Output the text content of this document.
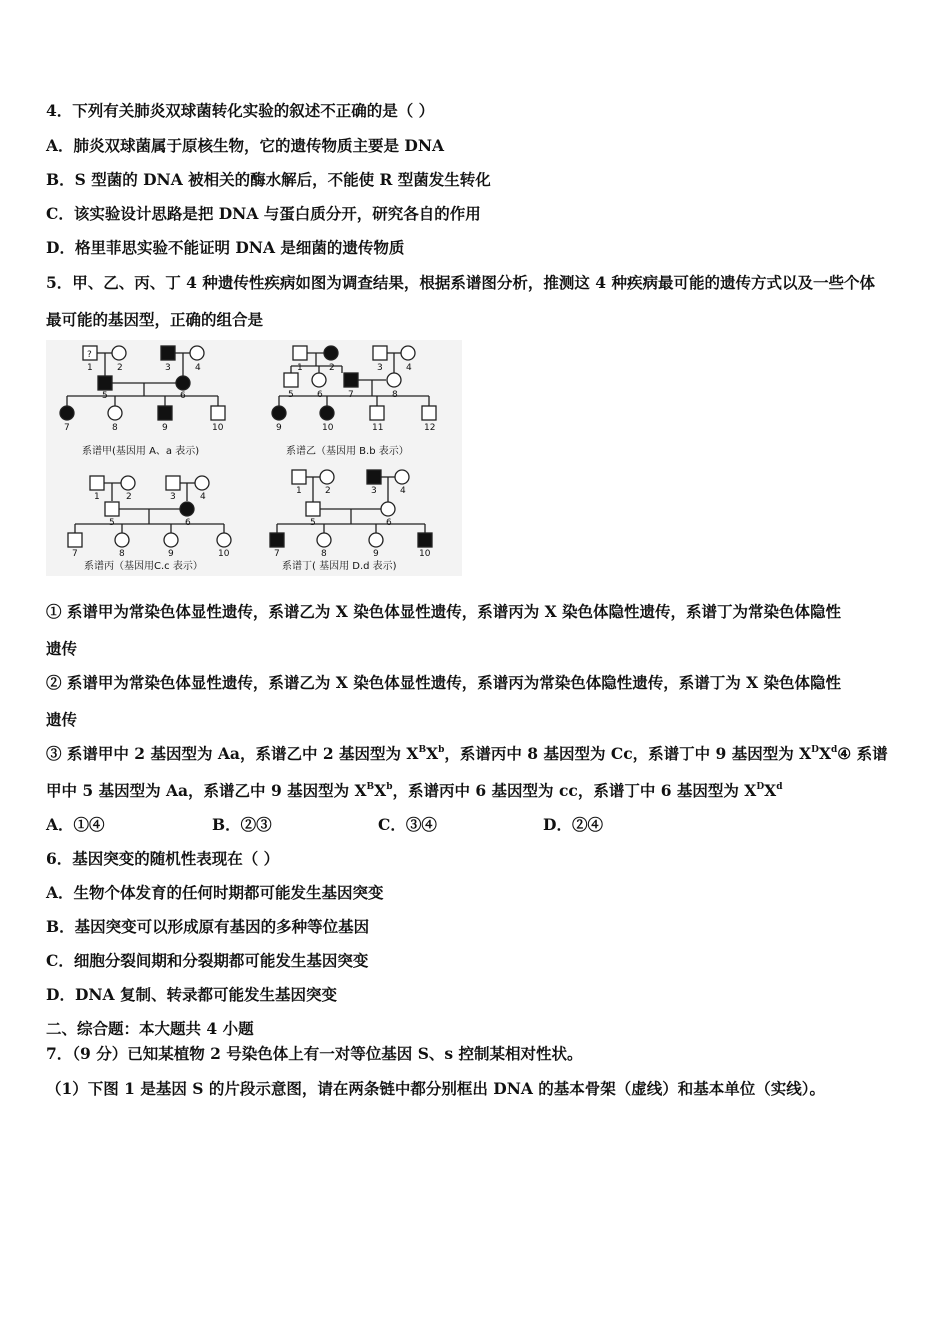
4．下列有关肺炎双球菌转化实验的叙述不正确的是（ ）
A．肺炎双球菌属于原核生物，它的遗传物质主要是 DNA
B．S 型菌的 DNA 被相关的酶水解后，不能使 R 型菌发生转化
C．该实验设计思路是把 DNA 与蛋白质分开，研究各自的作用
D．格里菲思实验不能证明 DNA 是细菌的遗传物质
5．甲、乙、丙、丁 4 种遗传性疾病如图为调查结果，根据系谱图分析，推测这 4 种疾病最可能的遗传方式以及一些个体
最可能的基因型，正确的组合是
?
1	2	3	4
5	6
7	8	9	10
1	2	3	4
5	6	7	8
9	10	11	12
1	2	3	4
5	6
7	8	9	10
1	2	3	4
5	6
7	8	9	10
系谱甲(基因用 A、a 表示)	系谱乙（基因用 B.b 表示）
系谱丙（基因用C.c 表示）	系谱丁( 基因用 D.d 表示)
① 系谱甲为常染色体显性遗传，系谱乙为 X 染色体显性遗传，系谱丙为 X 染色体隐性遗传，系谱丁为常染色体隐性
遗传
② 系谱甲为常染色体显性遗传，系谱乙为 X 染色体显性遗传，系谱丙为常染色体隐性遗传，系谱丁为 X 染色体隐性
遗传
③ 系谱甲中 2 基因型为 Aa，系谱乙中 2 基因型为 $X^BX^b$，系谱丙中 8 基因型为 Cc，系谱丁中 9 基因型为 $X^DX^d④$ 系谱
甲中 5 基因型为 Aa，系谱乙中 9 基因型为 $X^BX^b$，系谱丙中 6 基因型为 cc，系谱丁中 6 基因型为 $X^DX^d$
A．①④	B．②③	C．③④	D．②④
6．基因突变的随机性表现在（ ）
A．生物个体发育的任何时期都可能发生基因突变
B．基因突变可以形成原有基因的多种等位基因
C．细胞分裂间期和分裂期都可能发生基因突变
D．DNA 复制、转录都可能发生基因突变
二、综合题：本大题共 4 小题
7．（9 分）已知某植物 2 号染色体上有一对等位基因 S、s 控制某相对性状。
（1）下图 1 是基因 S 的片段示意图，请在两条链中都分别框出 DNA 的基本骨架（虚线）和基本单位（实线）。
